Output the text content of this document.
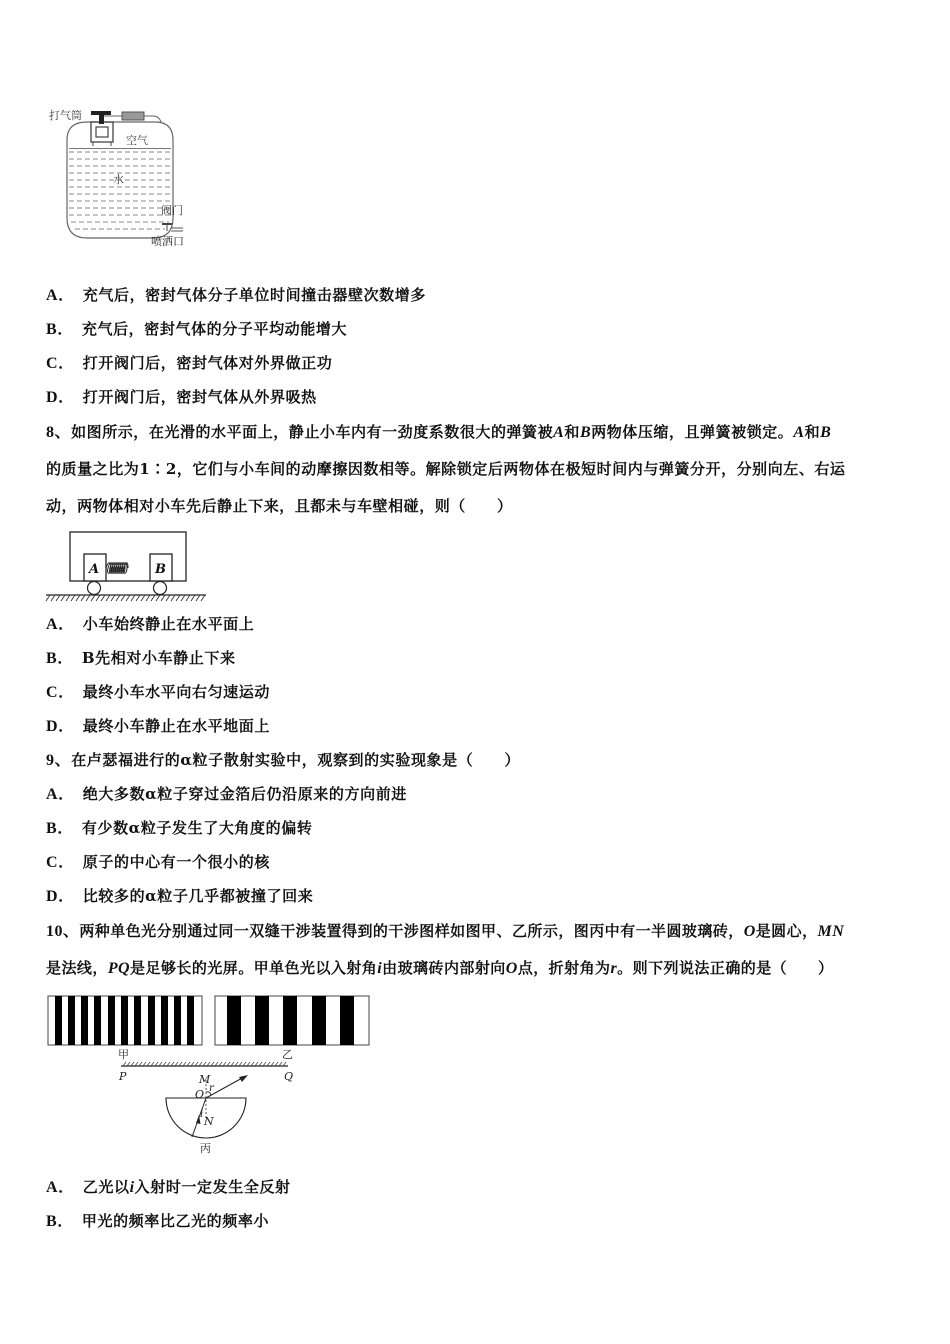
打气筒
空气
水
阀门
喷洒口
A． 充气后，密封气体分子单位时间撞击器壁次数增多
B． 充气后，密封气体的分子平均动能增大
C． 打开阀门后，密封气体对外界做正功
D． 打开阀门后，密封气体从外界吸热
8、如图所示，在光滑的水平面上，静止小车内有一劲度系数很大的弹簧被A和B两物体压缩，且弹簧被锁定。A和B
的质量之比为1∶2，它们与小车间的动摩擦因数相等。解除锁定后两物体在极短时间内与弹簧分开，分别向左、右运
动，两物体相对小车先后静止下来，且都未与车壁相碰，则（　　）
A	B
A． 小车始终静止在水平面上
B． B先相对小车静止下来
C． 最终小车水平向右匀速运动
D． 最终小车静止在水平地面上
9、在卢瑟福进行的α粒子散射实验中，观察到的实验现象是（　　）
A． 绝大多数α粒子穿过金箔后仍沿原来的方向前进
B． 有少数α粒子发生了大角度的偏转
C． 原子的中心有一个很小的核
D． 比较多的α粒子几乎都被撞了回来
10、两种单色光分别通过同一双缝干涉装置得到的干涉图样如图甲、乙所示，图丙中有一半圆玻璃砖，O是圆心，MN
是法线，PQ是足够长的光屏。甲单色光以入射角i由玻璃砖内部射向O点，折射角为r。则下列说法正确的是（　　）
甲	乙
P	Q
M
O r
i
N
丙
A． 乙光以i入射时一定发生全反射
B． 甲光的频率比乙光的频率小
